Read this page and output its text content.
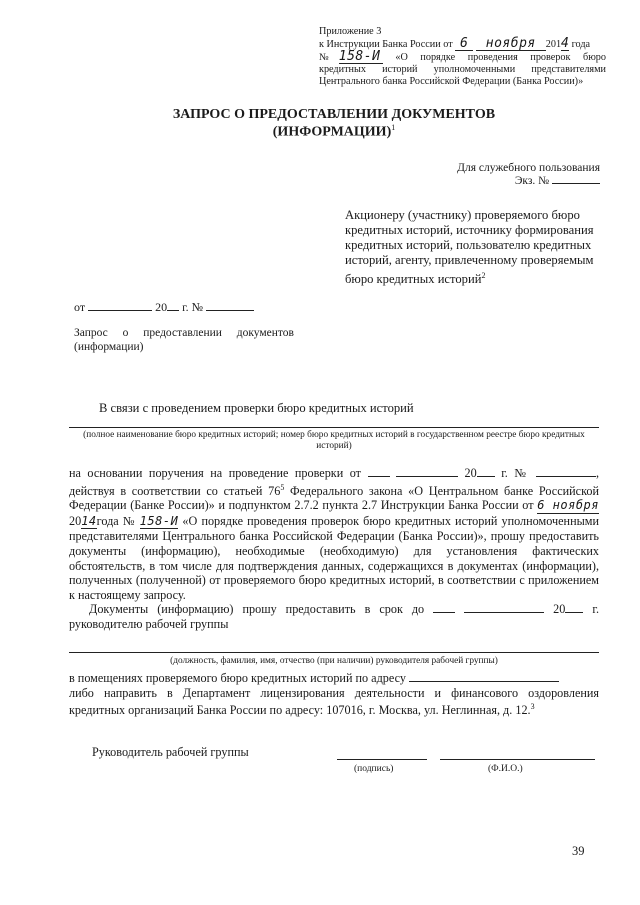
Приложение 3
к Инструкции Банка России от 6 ноября 2014 года
№158-И «О порядке проведения проверок бюро
кредитных историй уполномоченными представителями
Центрального банка Российской Федерации (Банка России)»
ЗАПРОС О ПРЕДОСТАВЛЕНИИ ДОКУМЕНТОВ (ИНФОРМАЦИИ)$^1$
Для служебного пользования
Экз. №
Акционеру (участнику) проверяемого бюро кредитных историй, источнику формирования кредитных историй, пользователю кредитных историй, агенту, привлеченному проверяемым бюро кредитных историй$^2$
от	20 г. №
Запрос о предоставлении документов (информации)
В связи с проведением проверки бюро кредитных историй
(полное наименование бюро кредитных историй; номер бюро кредитных историй в государственном реестре бюро кредитных историй)
на основании поручения на проведение проверки от	20 г. №	,
действуя в соответствии со статьей $76^5$ Федерального закона «О Центральном банке Российской Федерации (Банке России)» и подпунктом 2.7.2 пункта 2.7 Инструкции Банка России от 6 ноября 2014года № 158-И «О порядке проведения проверок бюро кредитных историй уполномоченными представителями Центрального банка Российской Федерации (Банка России)», прошу предоставить документы (информацию), необходимые (необходимую) для установления фактических обстоятельств, в том числе для подтверждения данных, содержащихся в документах (информации), полученных (полученной) от проверяемого бюро кредитных историй, в соответствии с приложением к настоящему запросу.
Документы (информацию) прошу предоставить в срок до	20 г.
руководителю рабочей группы
(должность, фамилия, имя, отчество (при наличии) руководителя рабочей группы)
в помещениях проверяемого бюро кредитных историй по адресу
либо направить в Департамент лицензирования деятельности и финансового оздоровления кредитных организаций Банка России по адресу: 107016, г. Москва, ул. Неглинная, д. 12.$^3$
Руководитель рабочей группы
(подпись)	(Ф.И.О.)
39
